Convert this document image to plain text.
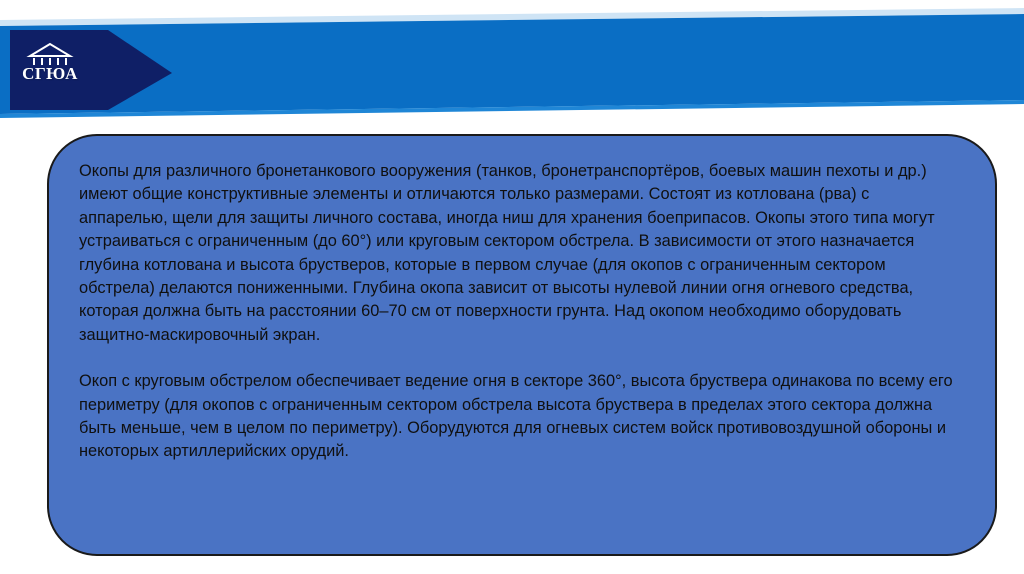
СГЮА

Окопы для различного бронетанкового вооружения (танков, бронетранспортёров, боевых машин пехоты и др.) имеют общие конструктивные элементы и отличаются только размерами. Состоят из котлована (рва) с аппарелью, щели для защиты личного состава, иногда ниш для хранения боеприпасов. Окопы этого типа могут устраиваться с ограниченным (до 60°) или круговым сектором обстрела. В зависимости от этого назначается глубина котлована и высота брустверов, которые в первом случае (для окопов с ограниченным сектором обстрела) делаются пониженными. Глубина окопа зависит от высоты нулевой линии огня огневого средства, которая должна быть на расстоянии 60–70 см от поверхности грунта. Над окопом необходимо оборудовать защитно-маскировочный экран.

Окоп с круговым обстрелом обеспечивает ведение огня в секторе 360°, высота бруствера одинакова по всему его периметру (для окопов с ограниченным сектором обстрела высота бруствера в пределах этого сектора должна быть меньше, чем в целом по периметру). Оборудуются для огневых систем войск противовоздушной обороны и некоторых артиллерийских орудий.
